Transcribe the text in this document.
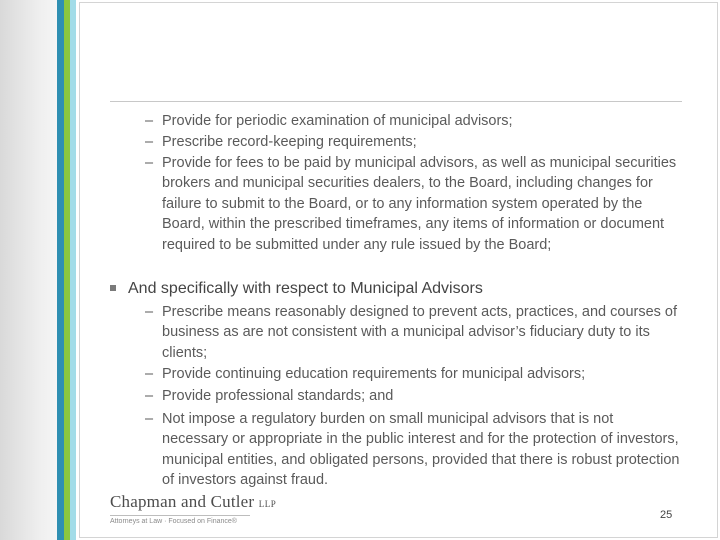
– Provide for periodic examination of municipal advisors;
– Prescribe record-keeping requirements;
– Provide for fees to be paid by municipal advisors, as well as municipal securities brokers and municipal securities dealers, to the Board, including changes for failure to submit to the Board, or to any information system operated by the Board, within the prescribed timeframes, any items of information or document required to be submitted under any rule issued by the Board;
And specifically with respect to Municipal Advisors
– Prescribe means reasonably designed to prevent acts, practices, and courses of business as are not consistent with a municipal advisor’s fiduciary duty to its clients;
– Provide continuing education requirements for municipal advisors;
– Provide professional standards; and
– Not impose a regulatory burden on small municipal advisors that is not necessary or appropriate in the public interest and for the protection of investors, municipal entities, and obligated persons, provided that there is robust protection of investors against fraud.
Chapman and Cutler LLP
Attorneys at Law · Focused on Finance®
25
